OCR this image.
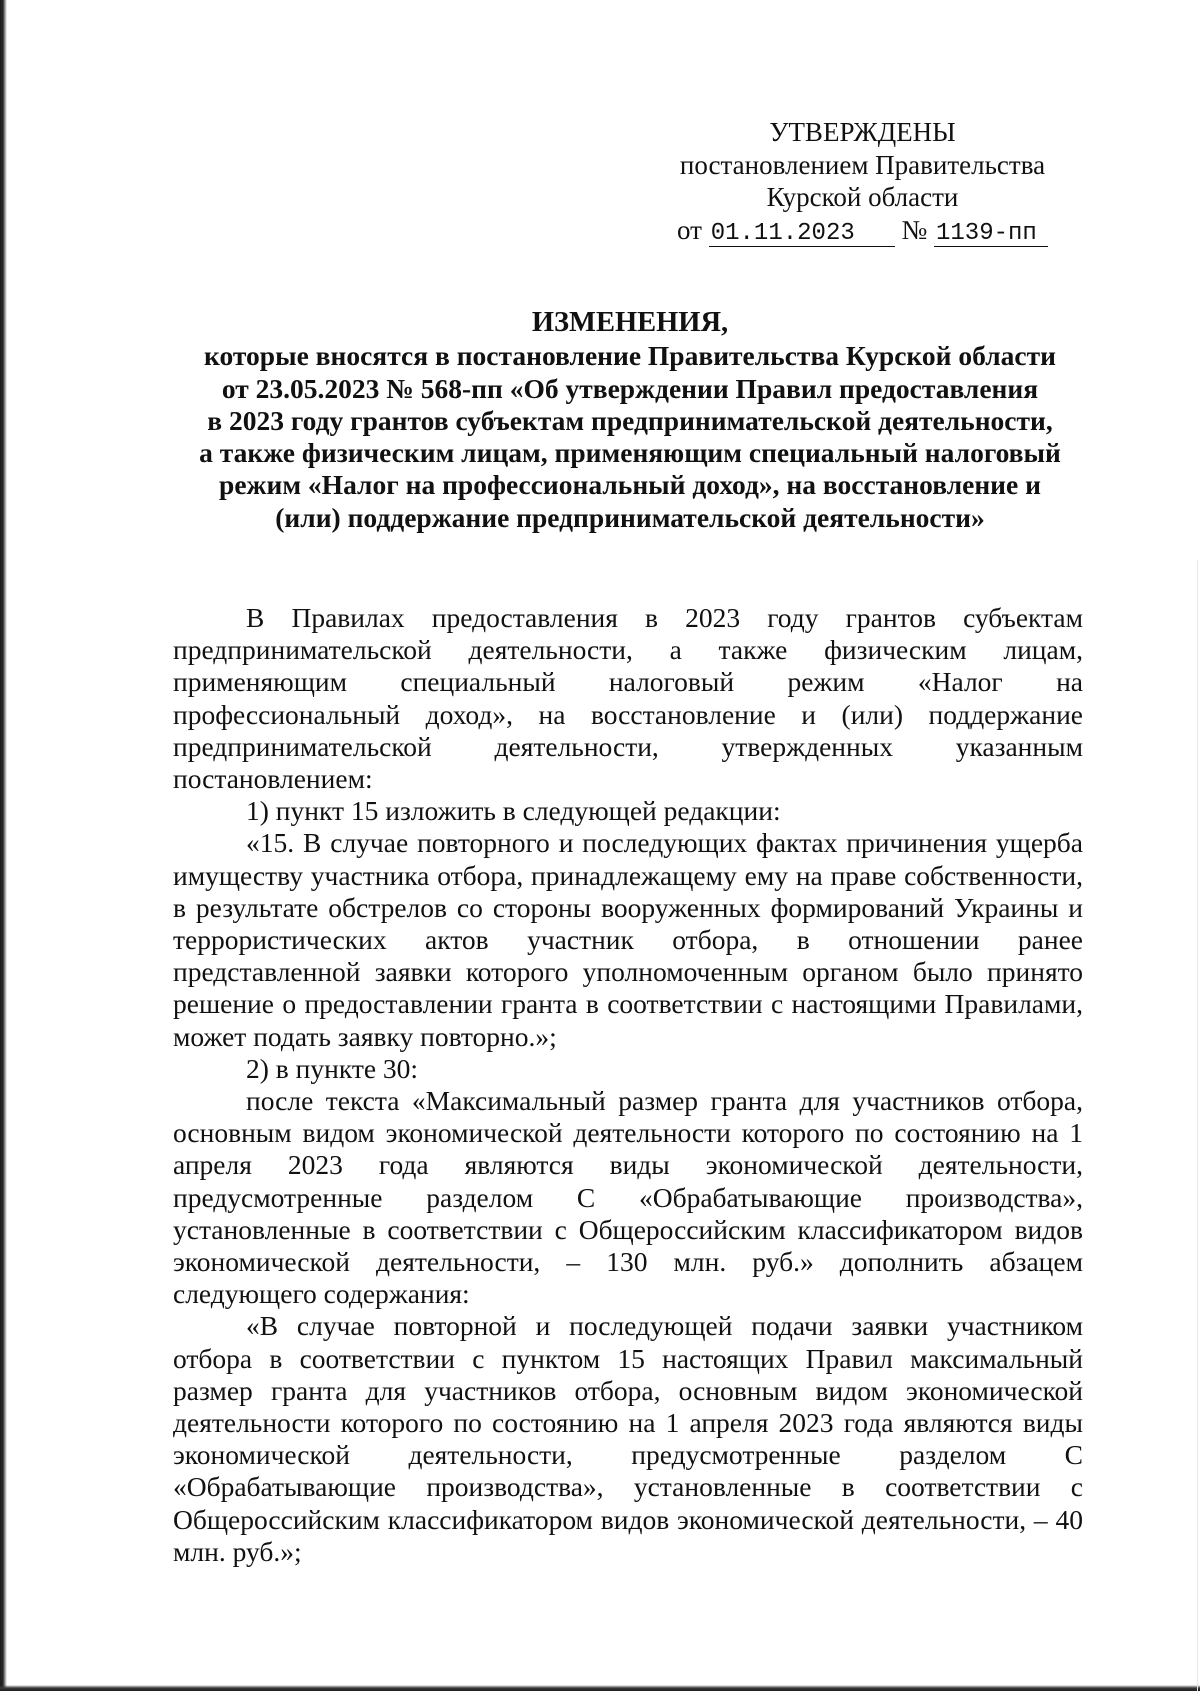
УТВЕРЖДЕНЫ
постановлением Правительства
Курской области
от 01.11.2023 № 1139-пп
ИЗМЕНЕНИЯ,
которые вносятся в постановление Правительства Курской области
от 23.05.2023 № 568-пп «Об утверждении Правил предоставления
в 2023 году грантов субъектам предпринимательской деятельности,
а также физическим лицам, применяющим специальный налоговый
режим «Налог на профессиональный доход», на восстановление и
(или) поддержание предпринимательской деятельности»

В Правилах предоставления в 2023 году грантов субъектам предпринимательской деятельности, а также физическим лицам, применяющим специальный налоговый режим «Налог на профессиональный доход», на восстановление и (или) поддержание предпринимательской деятельности, утвержденных указанным постановлением:

1) пункт 15 изложить в следующей редакции:

«15. В случае повторного и последующих фактах причинения ущерба имуществу участника отбора, принадлежащему ему на праве собственности, в результате обстрелов со стороны вооруженных формирований Украины и террористических актов участник отбора, в отношении ранее представленной заявки которого уполномоченным органом было принято решение о предоставлении гранта в соответствии с настоящими Правилами, может подать заявку повторно.»;

2) в пункте 30:

после текста «Максимальный размер гранта для участников отбора, основным видом экономической деятельности которого по состоянию на 1 апреля 2023 года являются виды экономической деятельности, предусмотренные разделом С «Обрабатывающие производства», установленные в соответствии с Общероссийским классификатором видов экономической деятельности, – 130 млн. руб.» дополнить абзацем следующего содержания:

«В случае повторной и последующей подачи заявки участником отбора в соответствии с пунктом 15 настоящих Правил максимальный размер гранта для участников отбора, основным видом экономической деятельности которого по состоянию на 1 апреля 2023 года являются виды экономической деятельности, предусмотренные разделом С «Обрабатывающие производства», установленные в соответствии с Общероссийским классификатором видов экономической деятельности, – 40 млн. руб.»;
